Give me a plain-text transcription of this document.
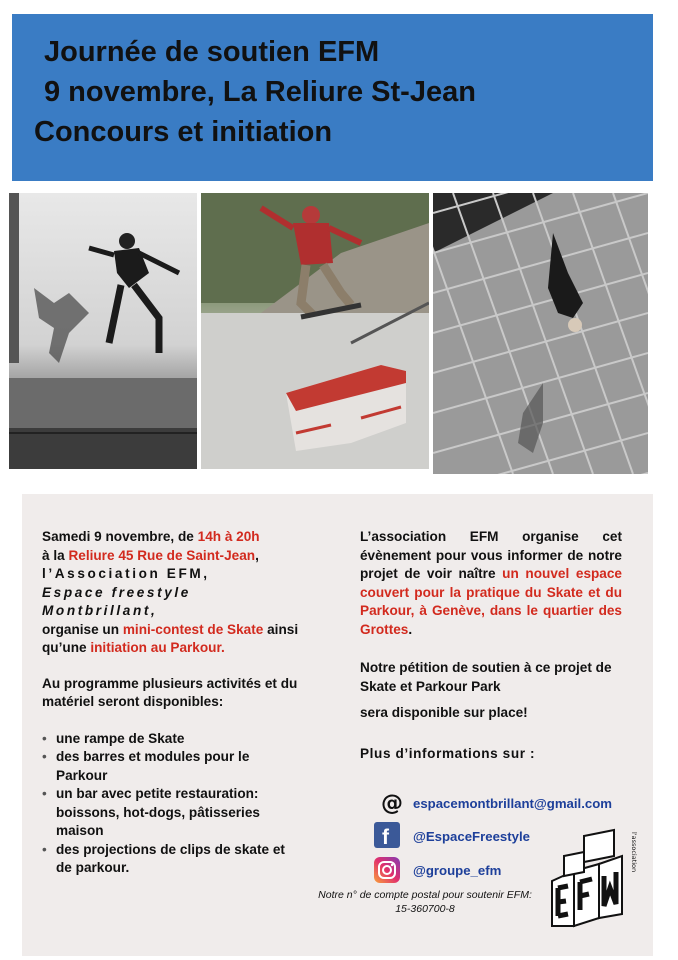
Journée de soutien EFM
9 novembre, La Reliure St-Jean
Concours et initiation

Samedi 9 novembre, de 14h à 20h
à la Reliure 45 Rue de Saint-Jean,
l’Association EFM,
Espace freestyle Montbrillant,
organise un mini-contest de Skate ainsi qu’une initiation au Parkour.

Au programme plusieurs activités et du matériel seront disponibles:

• une rampe de Skate
• des barres et modules pour le Parkour
• un bar avec petite restauration: boissons, hot-dogs, pâtisseries maison
• des projections de clips de skate et de parkour.

L’association EFM organise cet évènement pour vous informer de notre projet de voir naître un nouvel espace couvert pour la pratique du Skate et du Parkour, à Genève, dans le quartier des Grottes.

Notre pétition de soutien à ce projet de Skate et Parkour Park

sera disponible sur place!

Plus d’informations sur :

@ espacemontbrillant@gmail.com
f @EspaceFreestyle
@groupe_efm
Notre n° de compte postal pour soutenir EFM:
15-360700-8
l'association
